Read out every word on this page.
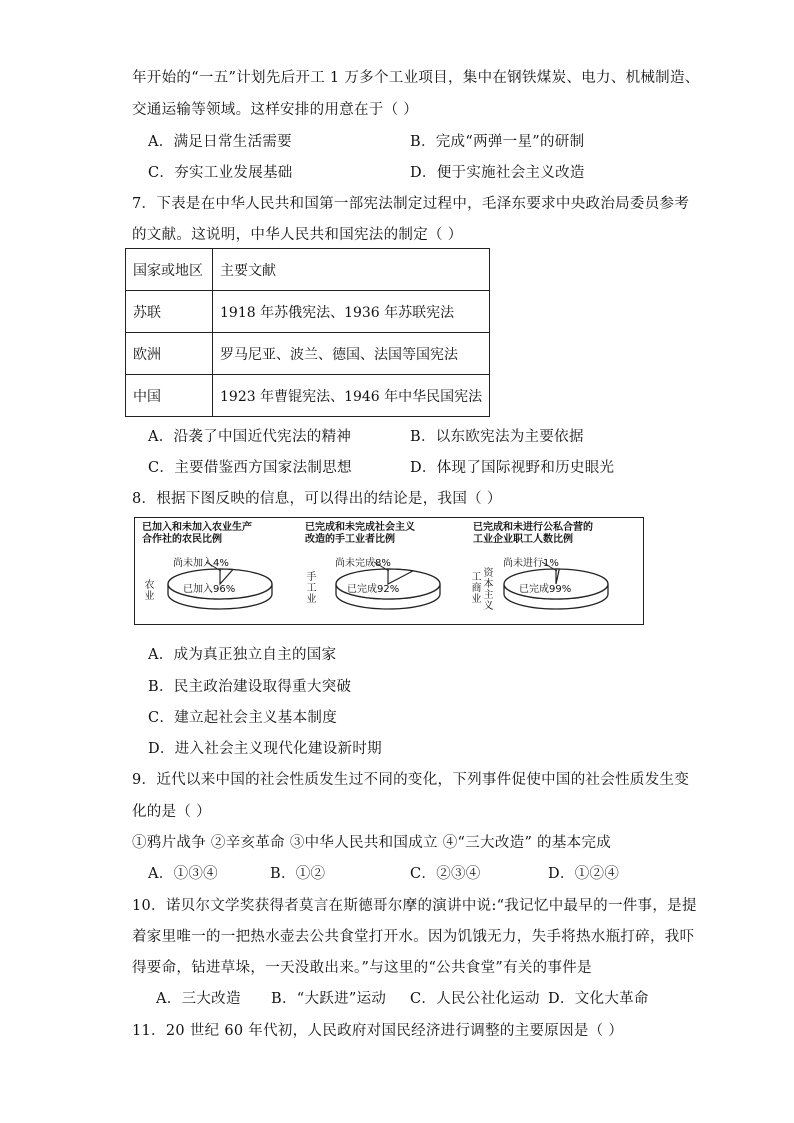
年开始的“一五”计划先后开工 1 万多个工业项目，集中在钢铁煤炭、电力、机械制造、
交通运输等领域。这样安排的用意在于（ ）
A．满足日常生活需要	B．完成“两弹一星”的研制
C．夯实工业发展基础	D．便于实施社会主义改造
7．下表是在中华人民共和国第一部宪法制定过程中，毛泽东要求中央政治局委员参考
的文献。这说明，中华人民共和国宪法的制定（ ）
国家或地区	主要文献
苏联	1918 年苏俄宪法、1936 年苏联宪法
欧洲	罗马尼亚、波兰、德国、法国等国宪法
中国	1923 年曹锟宪法、1946 年中华民国宪法
A．沿袭了中国近代宪法的精神	B．以东欧宪法为主要依据
C．主要借鉴西方国家法制思想	D．体现了国际视野和历史眼光
8．根据下图反映的信息，可以得出的结论是，我国（ ）
已加入和未加入农业生产
合作社的农民比例
农业
尚未加入4%
已加入96%
已完成和未完成社会主义
改造的手工业者比例
手工业
尚未完成8%
已完成92%
已完成和未进行公私合营的
工业企业职工人数比例
工商业
资本主义
尚未进行1%
已完成99%
A．成为真正独立自主的国家
B．民主政治建设取得重大突破
C．建立起社会主义基本制度
D．进入社会主义现代化建设新时期
9．近代以来中国的社会性质发生过不同的变化，下列事件促使中国的社会性质发生变
化的是（ ）
①鸦片战争 ②辛亥革命 ③中华人民共和国成立 ④“三大改造” 的基本完成
A．①③④	B．①②	C．②③④	D．①②④
10．诺贝尔文学奖获得者莫言在斯德哥尔摩的演讲中说:“我记忆中最早的一件事，是提
着家里唯一的一把热水壶去公共食堂打开水。因为饥饿无力，失手将热水瓶打碎，我吓
得要命，钻进草垛，一天没敢出来。”与这里的“公共食堂”有关的事件是
A．三大改造 B．“大跃进”运动 C．人民公社化运动 D．文化大革命
11．20 世纪 60 年代初，人民政府对国民经济进行调整的主要原因是（ ）
